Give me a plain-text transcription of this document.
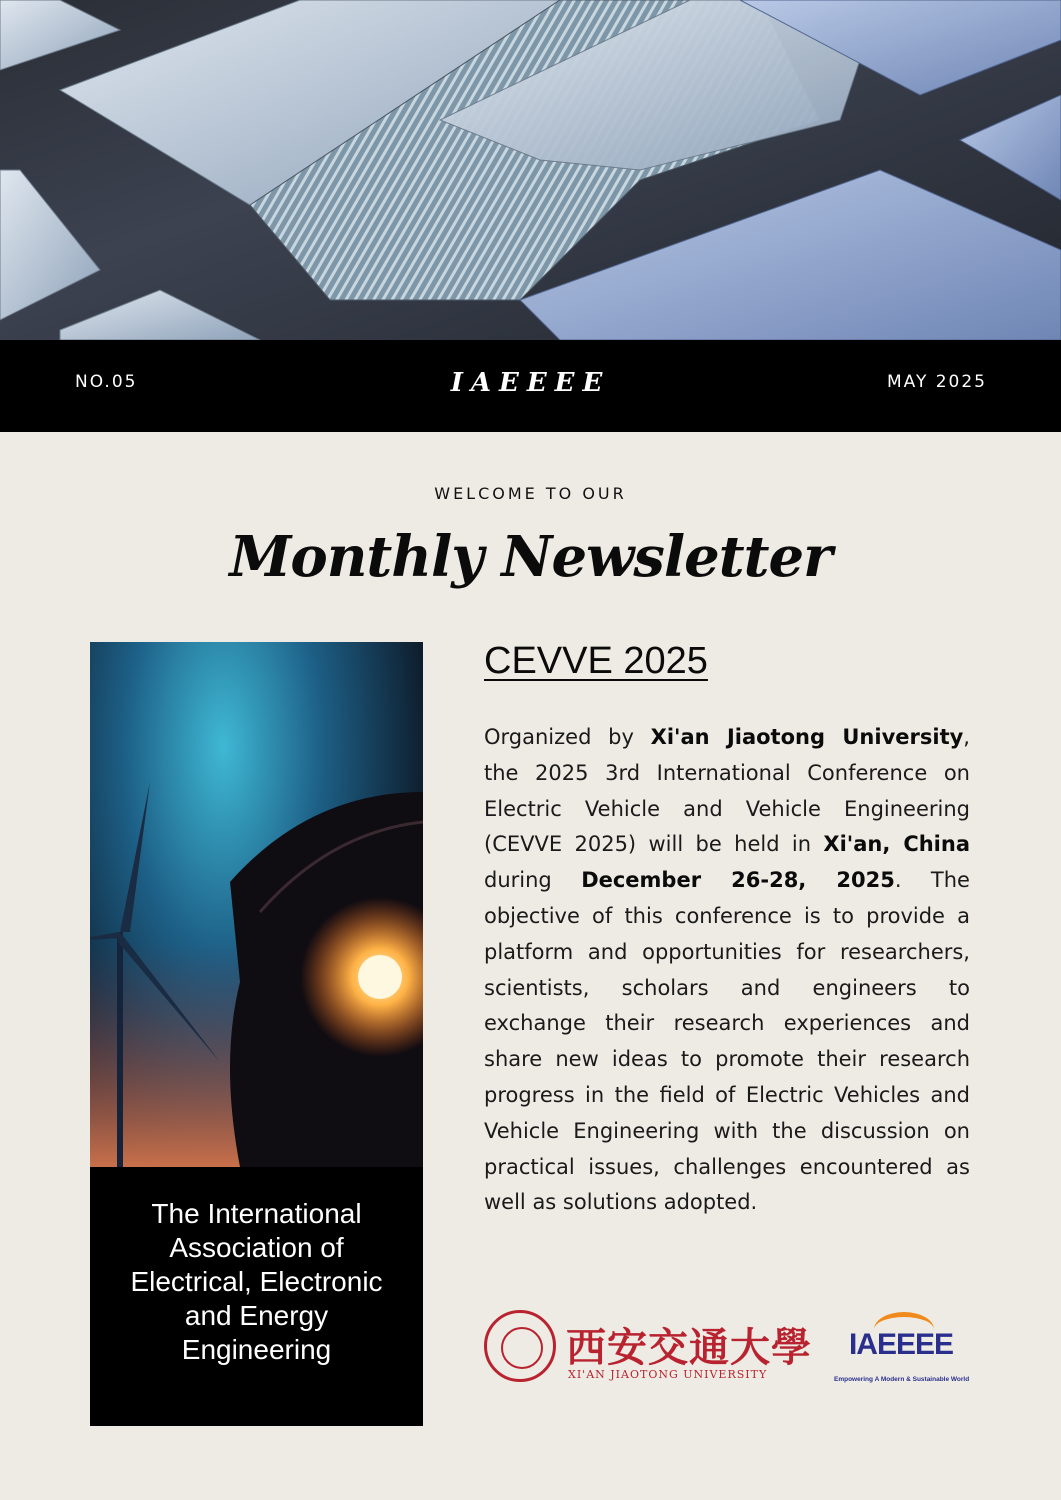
NO.05	IAEEEE	MAY 2025
WELCOME TO OUR
Monthly Newsletter

The International Association of Electrical, Electronic and Energy Engineering

CEVVE 2025

Organized by Xi'an Jiaotong University, the 2025 3rd International Conference on Electric Vehicle and Vehicle Engineering (CEVVE 2025) will be held in Xi'an, China during December 26-28, 2025. The objective of this conference is to provide a platform and opportunities for researchers, scientists, scholars and engineers to exchange their research experiences and share new ideas to promote their research progress in the field of Electric Vehicles and Vehicle Engineering with the discussion on practical issues, challenges encountered as well as solutions adopted.

西安交通大學
XI'AN JIAOTONG UNIVERSITY
IAEEEE
Empowering A Modern & Sustainable World
